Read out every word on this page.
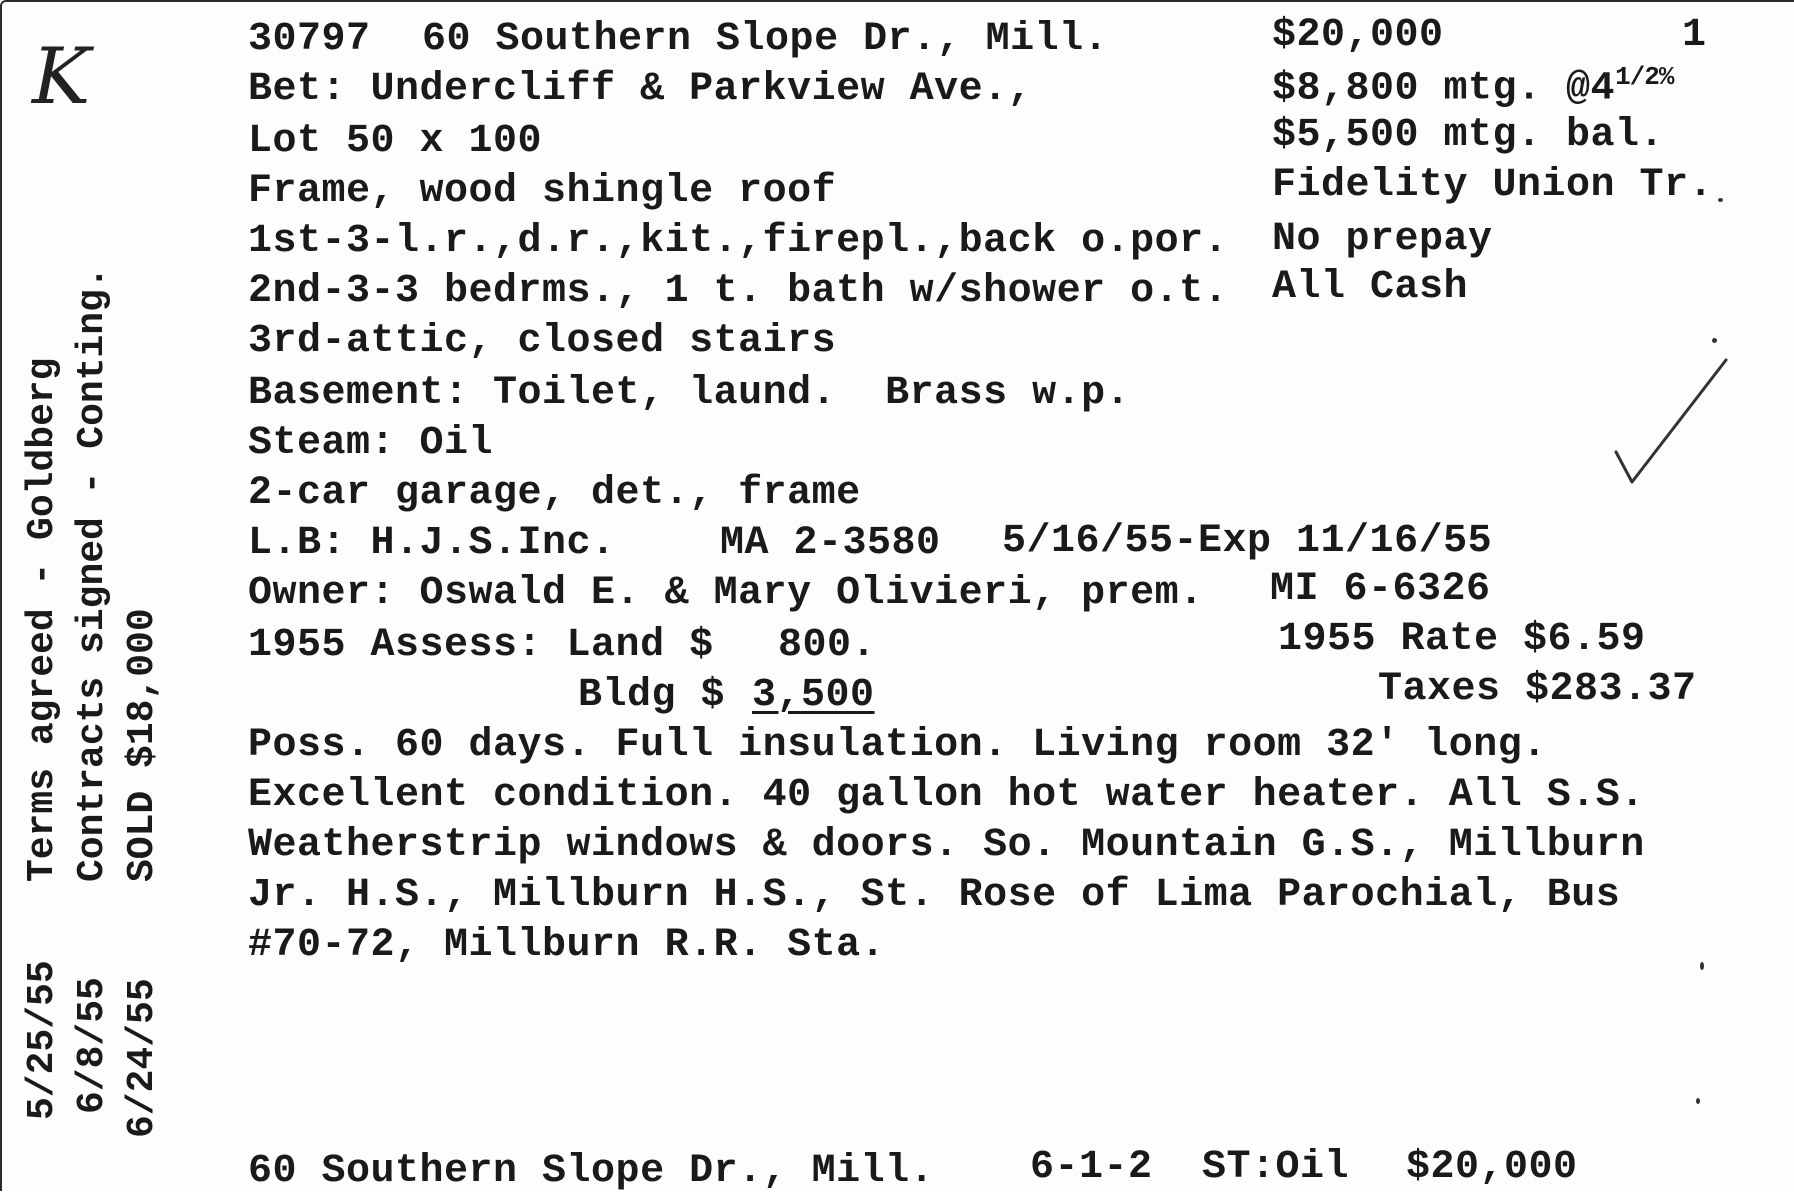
K	30797 60 Southern Slope Dr., Mill.	$20,000	1
Bet: Undercliff & Parkview Ave.,
Lot 50 x 100
Frame, wood shingle roof
1st-3-l.r.,d.r.,kit.,firepl.,back o.por.
2nd-3-3 bedrms., 1 t. bath w/shower o.t.
3rd-attic, closed stairs
Basement: Toilet, laund.  Brass w.p.
Steam: Oil
2-car garage, det., frame
$8,800 mtg. $@4^{1/2\%}$
$5,500 mtg. bal.
Fidelity Union Tr.
No prepay
All Cash
L.B: H.J.S.Inc.	MA 2-3580 5/16/55-Exp 11/16/55
Owner: Oswald E. & Mary Olivieri, prem. MI 6-6326
1955 Assess: Land $ 800.	1955 Rate $6.59
Bldg $ 3,500	Taxes $283.37
Poss. 60 days. Full insulation. Living room 32' long.
Excellent condition. 40 gallon hot water heater. All S.S.
Weatherstrip windows & doors. So. Mountain G.S., Millburn
Jr. H.S., Millburn H.S., St. Rose of Lima Parochial, Bus
#70-72, Millburn R.R. Sta.
60 Southern Slope Dr., Mill. 6-1-2 ST:Oil $20,000
5/25/55
Terms agreed - Goldberg
6/8/55
Contracts signed - Conting.
6/24/55
SOLD $18,000
